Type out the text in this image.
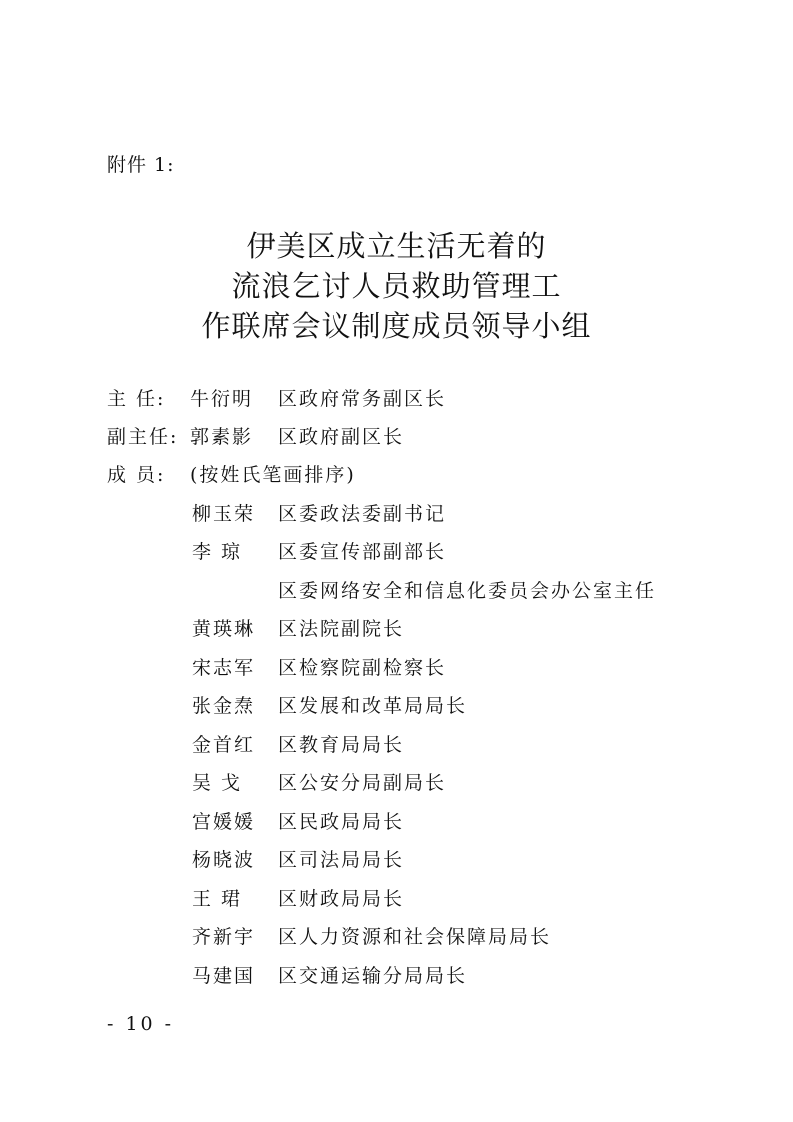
附件 1:
伊美区成立生活无着的
流浪乞讨人员救助管理工
作联席会议制度成员领导小组
主 任:	牛衍明 区政府常务副区长
副主任: 郭素影 区政府副区长
成 员:	(按姓氏笔画排序)
柳玉荣 区委政法委副书记
李 琼 区委宣传部副部长
区委网络安全和信息化委员会办公室主任
黄瑛琳 区法院副院长
宋志军 区检察院副检察长
张金焘 区发展和改革局局长
金首红 区教育局局长
吴 戈 区公安分局副局长
宫媛媛 区民政局局长
杨晓波 区司法局局长
王 珺 区财政局局长
齐新宇 区人力资源和社会保障局局长
马建国 区交通运输分局局长
- 10 -
